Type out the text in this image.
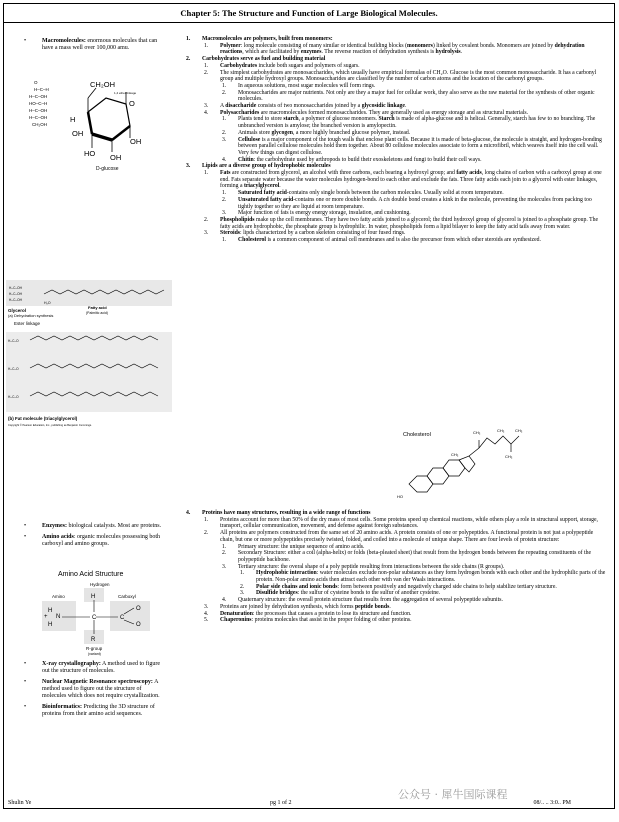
Chapter 5: The Structure and Function of Large Biological Molecules.
• Macromolecules: enormous molecules that can have a mass well over 100,000 amu.
O
H–C–H
H–C–OH
HO–C–H
H–C–OH
H–C–OH
CH₂OH
CH₂OH
1,4 ether linkage
O
OH
H
OH
HO OH
D-glucose
H–C–OH
H–C–OH
H–C–OH
H₂O
Fatty acid
(Palmitic acid)
Glycerol
(a) Dehydration synthesis
Ester linkage
H–C–O
H–C–O
H–C–O
(b) Fat molecule (triacylglycerol)
Copyright © Pearson Education, Inc., publishing as Benjamin Cummings.
• Enzymes: biological catalysts. Most are proteins.
• Amino acids: organic molecules possessing both carboxyl and amino groups.
Amino Acid Structure
Hydrogen
Amino	Carboxyl
H
H
+ N
H
C	C
O
O
R
R-group
(variant)
• X-ray crystallography: A method used to figure out the structure of molecules.
• Nuclear Magnetic Resonance spectroscopy: A method used to figure out the structure of molecules which does not require crystallization.
• Bioinformatics: Predicting the 3D structure of proteins from their amino acid sequences.
1. Macromolecules are polymers, built from monomers:
1. Polymer: long molecule consisting of many similar or identical building blocks (monomers) linked by covalent bonds. Monomers are joined by dehydration reactions, which are facilitated by enzymes. The reverse reaction of dehydration synthesis is hydrolysis.
2. Carbohydrates serve as fuel and building material
1. Carbohydrates include both sugars and polymers of sugars.
2. The simplest carbohydrates are monosaccharides, which usually have empirical formulas of CH₂O. Glucose is the most common monosaccharide. It has a carbonyl group and multiple hydroxyl groups. Monosaccharides are classified by the number of carbon atoms and the location of the carbonyl groups.
1. In aqueous solutions, most sugar molecules will form rings.
2. Monosaccharides are major nutrients. Not only are they a major fuel for cellular work, they also serve as the raw material for the synthesis of other organic molecules.
3. A disaccharide consists of two monosaccharides joined by a glycosidic linkage.
4. Polysaccharides are macromolecules formed monosaccharides. They are generally used as energy storage and as structural materials.
1. Plants tend to store starch, a polymer of glucose monomers. Starch is made of alpha-glucose and is helical. Generally, starch has few to no branching. The unbranched version is amylose; the branched version is amylopectin.
2. Animals store glycogen, a more highly branched glucose polymer, instead.
3. Cellulose is a major component of the tough walls that enclose plant cells. Because it is made of beta-glucose, the molecule is straight, and hydrogen-bonding between parallel cellulose molecules hold them together. About 80 cellulose molecules associate to form a microfibril, which weaves itself into the cell wall. Very few things can digest cellulose.
4. Chitin: the carbohydrate used by arthropods to build their exoskeletons and fungi to build their cell ways.
3. Lipids are a diverse group of hydrophobic molecules
1. Fats are constructed from glycerol, an alcohol with three carbons, each bearing a hydroxyl group; and fatty acids, long chains of carbon with a carboxyl group at one end. Fats separate water because the water molecules hydrogen-bond to each other and exclude the fats. Three fatty acids each join to a glycerol with ester linkages, forming a triacylglycerol.
1. Saturated fatty acid-contains only single bonds between the carbon molecules. Usually solid at room temperature.
2. Unsaturated fatty acid-contains one or more double bonds. A cis double bond creates a kink in the molecule, preventing the molecules from packing too tightly together so they are liquid at room temperature.
3. Major function of fats is energy energy storage, insulation, and cushioning.
2. Phospholipids make up the cell membranes. They have two fatty acids joined to a glycerol; the third hydroxyl group of glycerol is joined to a phosphate group. The fatty acids are hydrophobic, the phosphate group is hydrophilic. In water, phospholipids form a lipid bilayer to keep the fatty acid tails away from water.
3. Steroids: lipds characterized by a carbon skeleton consisting of four fused rings.
1. Cholesterol is a common component of animal cell membranes and is also the precursor from which other steroids are synthesized.
Cholesterol	CH₃	CH₃	CH₃
CH₃
CH₃
HO
4. Proteins have many structures, resulting in a wide range of functions
1. Proteins account for more than 50% of the dry mass of most cells. Some proteins speed up chemical reactions, while others play a role in structural support, storage, transport, cellular communication, movement, and defense against foreign substances.
2. All proteins are polymers constructed from the same set of 20 amino acids. A protein consists of one or polypeptides. A functional protein is not just a polypeptide chain, but one or more polypeptides precisely twisted, folded, and coiled into a molecule of unique shape. There are four levels of protein structure:
1. Primary structure: the unique sequence of amino acids.
2. Secondary Structure: either a coil (alpha-helix) or folds (beta-pleated sheet) that result from the hydrogen bonds between the repeating constituents of the polypeptide backbone.
3. Tertiary structure: the overal shape of a poly peptide resulting from interactions between the side chains (R groups).
1. Hydrophobic interaction: water molecules exclude non-polar substances as they form hydrogen bonds with each other and the hydrophilic parts of the protein. Non-polar amino acids then attract each other with van der Waals interactions.
2. Polar side chains and ionic bonds: form between positively and negatively charged side chains to help stabilize tertiary structure.
3. Disulfide bridges: the sulfur of cysteine bonds to the sulfur of another cysteine.
4. Quaternary structure: the overall protein structure that results from the aggregation of several polypeptide subunits.
3. Proteins are joined by dehydration synthesis, which forms peptide bonds.
4. Denaturation: the processes that causes a protein to lose its structure and function.
5. Chaperonins: proteins molecules that assist in the proper folding of other proteins.
Shulin Ye	pg 1 of 2	08/.. .. 3:0.. PM
公众号 · 犀牛国际课程
